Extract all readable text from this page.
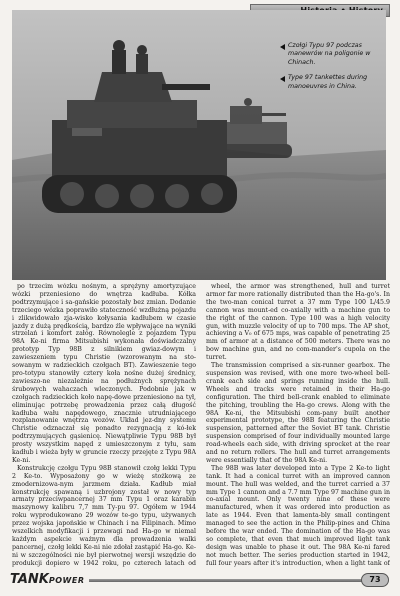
Czołgi Typu 97 podczas manewrów na poligonie w Chinach.
Type 97 tankettes during manoeuvres in China.

po trzecim wózku nośnym, a sprężyny amortyzujące wózki przeniesiono do wnętrza kadłuba. Kółka podtrzymujące i sa-gańskie pozostały bez zmian. Dodanie trzeciego wózka poprawiło stateczność wzdłużną pojazdu i zlikwidowało zja-wisko kołysania kadłubem w czasie jazdy z dużą prędkością, bardzo źle wpływające na wyniki strzelań i komfort załóg. Równolegle z pojazdem Typu 98A Ke-ni firma Mitsubishi wykonała doświadczalny prototyp Typ 98B z silnikiem gwiaz-dowym i zawieszeniem typu Christie (wzorowanym na sto-sowanym w radzieckich czołgach BT). Zawieszenie tego pro-totypu stanowiły cztery koła nośne dużej średnicy, zawieszo-ne niezależnie na podłużnych sprężynach śrubowych wahaczach wleczonych. Podobnie jak w czołgach radzieckich koło napę-dowe przeniesiono na tył, eliminując potrzebę prowadzenia przez całą długość kadłuba wału napędowego, znacznie utrudniającego rozplanowanie wnętrza wozów. Układ jez-dny systemu Christie odznaczał się ponadto rezygnacją z kó-łek podtrzymujących gąsienicę. Niewątpliwie Typu 98B był prosty wszystkim napęd z umieszczonym z tyłu, sam kadłub i wieża były w gruncie rzeczy przejęte z Typu 98A Ke-ni.

Konstrukcję czołgu Typu 98B stanowił czołg lekki Typu 2 Ke-to. Wyposażony go w wieżę stożkową ze zmodernizowa-nym jarzmem działa. Kadłub miał konstrukcję spawaną i uzbrojony został w nowy typ armaty przeciwpancernej 37 mm Typu 1 oraz karabin maszynowy kalibru 7,7 mm Ty-pu 97. Ogółem w 1944 roku wyprodukowano 29 wozów te-go typu, używanych przez wojska japońskie w Chinach i na Filipinach. Mimo wszelkich modyfikacji i przewagi nad Ha-go w niemal każdym aspekcie ważnym dla prowadzenia walki pancernej, czołg lekki Ke-ni nie zdołał zastąpić Ha-go. Ke-ni w szczególności nie był pierwotnej wersji wszędzie do produkcji dopiero w 1942 roku, po czterech latach od

wheel, the armor was strengthened, hull and turret armor far more rationally distributed than the Ha-go's. In the two-man conical turret a 37 mm Type 100 L/45.9 cannon was mount-ed co-axially with a machine gun to the right of the cannon. Type 100 was a high velocity gun, with muzzle velocity of up to 700 mps. The AP shot, achieving a V₀ of 675 mps, was capable of penetrating 25 mm of armor at a distance of 500 meters. There was no bow machine gun, and no com-mander's cupola on the turret.

The transmission comprised a six-runner gearbox. The suspension was revised, with one more two-wheel bell-crank each side and springs running inside the hull. Wheels and tracks were retained in their Ha-go configuration. The third bell-crank enabled to eliminate the pitching, troubling the Ha-go crews. Along with the 98A Ke-ni, the Mitsubishi com-pany built another experimental prototype, the 98B featuring the Christie suspension, patterned after the Soviet BT tank. Christie suspension comprised of four individually mounted large road-wheels each side, with driving sprocket at the rear and no return rollers. The hull and turret arrangements were essentially that of the 98A Ke-ni.

The 98B was later developed into a Type 2 Ke-to light tank. It had a conical turret with an improved cannon mount. The hull was welded, and the turret carried a 37 mm Type 1 cannon and a 7.7 mm Type 97 machine gun in co-axial mount. Only twenty nine of these were manufactured, when it was ordered into production as late as 1944. Even that lamenta-bly small contingent managed to see the action in the Philip-pines and China before the war ended. The domination of the Ha-go was so complete, that even that much improved light tank design was unable to phase it out. The 98A Ke-ni fared not much better. The series production started in 1942, full four years after it's introduction, when a light tank of

TANKPOWER	73
